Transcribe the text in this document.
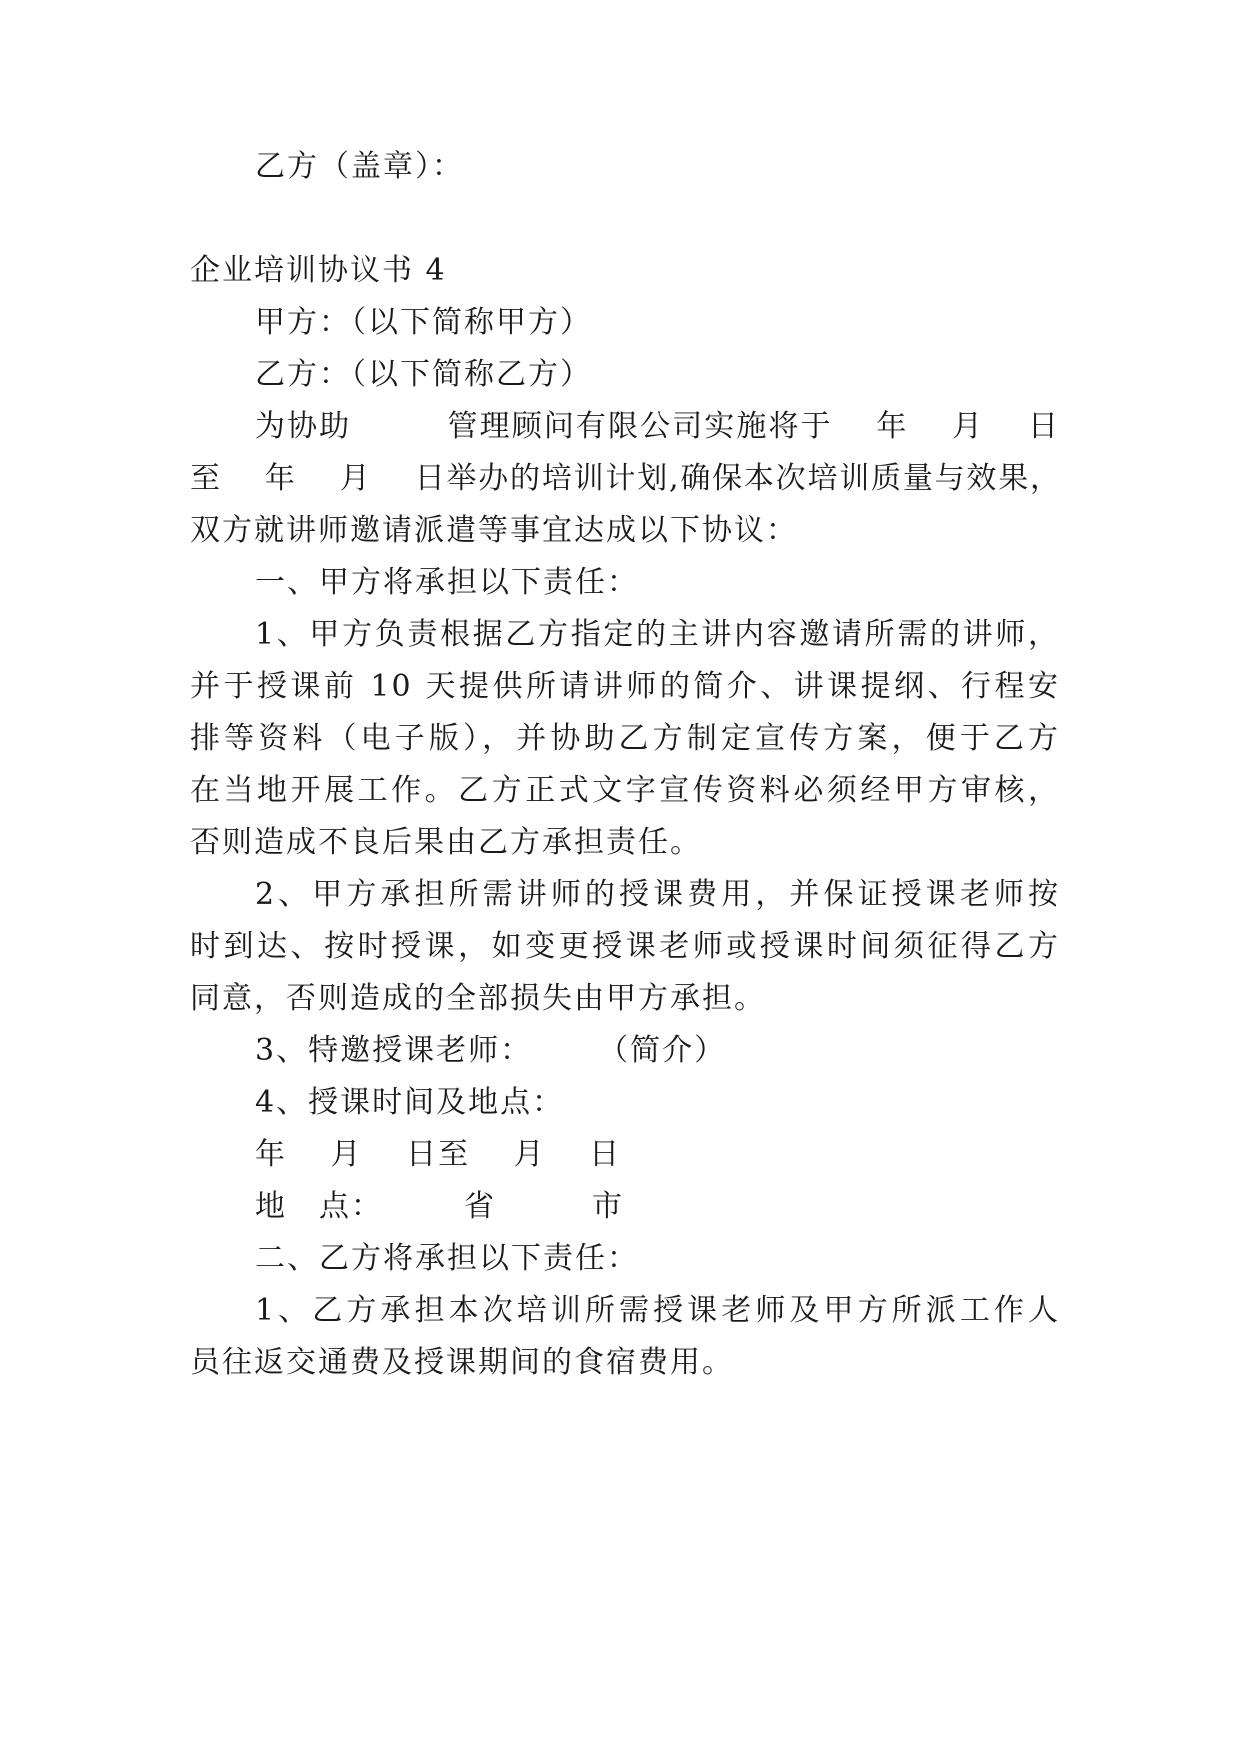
乙方（盖章）：
企业培训协议书 4
甲方：（以下简称甲方）
乙方：（以下简称乙方）
为协助　　　管理顾问有限公司实施将于　 年　 月　 日
至　 年　 月　 日举办的培训计划,确保本次培训质量与效果，
双方就讲师邀请派遣等事宜达成以下协议：
一、甲方将承担以下责任：
1、甲方负责根据乙方指定的主讲内容邀请所需的讲师，
并于授课前 10 天提供所请讲师的简介、讲课提纲、行程安
排等资料（电子版），并协助乙方制定宣传方案，便于乙方
在当地开展工作。乙方正式文字宣传资料必须经甲方审核，
否则造成不良后果由乙方承担责任。
2、甲方承担所需讲师的授课费用，并保证授课老师按
时到达、按时授课，如变更授课老师或授课时间须征得乙方
同意，否则造成的全部损失由甲方承担。
3、特邀授课老师：　　　（简介）
4、授课时间及地点：
年　 月　 日至　 月　 日
地　点：　　　省　　　市
二、乙方将承担以下责任：
1、乙方承担本次培训所需授课老师及甲方所派工作人
员往返交通费及授课期间的食宿费用。
